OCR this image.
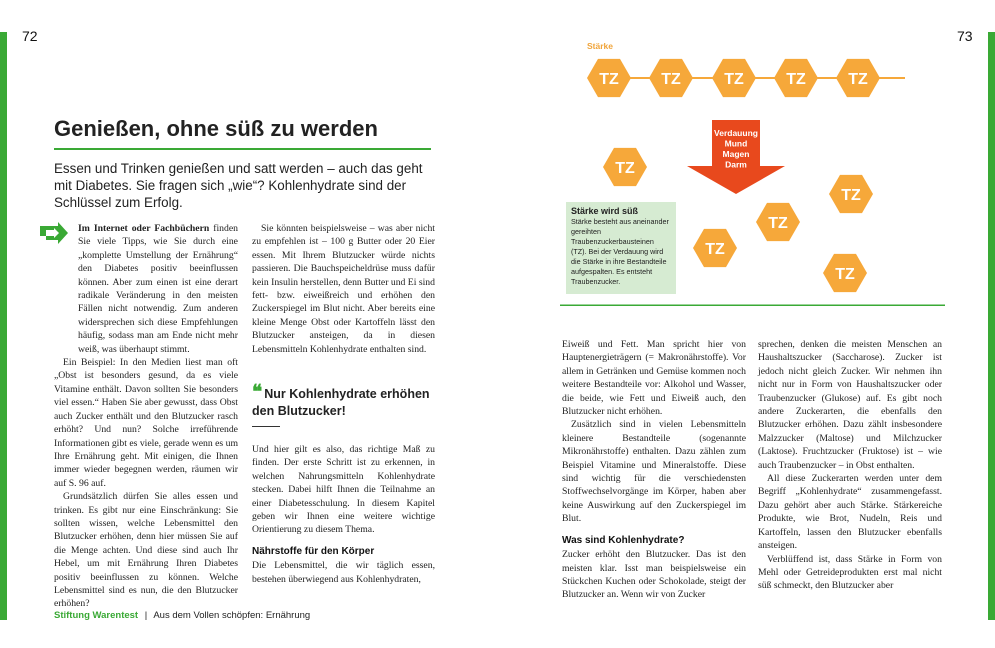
72	73
Genießen, ohne süß zu werden

Essen und Trinken genießen und satt werden – auch das geht mit Diabetes. Sie fragen sich „wie“? Kohlenhydrate sind der Schlüssel zum Erfolg.

Im Internet oder Fachbüchern finden Sie viele Tipps, wie Sie durch eine „komplette Umstellung der Ernährung“ den Diabetes positiv beeinflussen können. Aber zum einen ist eine derart radikale Veränderung in den meisten Fällen nicht notwendig. Zum anderen widersprechen sich diese Empfehlungen häufig, sodass man am Ende nicht mehr weiß, was überhaupt stimmt.

Ein Beispiel: In den Medien liest man oft „Obst ist besonders gesund, da es viele Vitamine enthält. Davon sollten Sie besonders viel essen.“ Haben Sie aber gewusst, dass Obst auch Zucker enthält und den Blutzucker rasch erhöht? Und nun? Solche irreführende Informationen gibt es viele, gerade wenn es um Ihre Ernährung geht. Mit einigen, die Ihnen immer wieder begegnen werden, räumen wir auf S. 96 auf.

Grundsätzlich dürfen Sie alles essen und trinken. Es gibt nur eine Einschränkung: Sie sollten wissen, welche Lebensmittel den Blutzucker erhöhen, denn hier müssen Sie auf die Menge achten. Und diese sind auch Ihr Hebel, um mit Ernährung Ihren Diabetes positiv beeinflussen zu können. Welche Lebensmittel sind es nun, die den Blutzucker erhöhen?

Sie könnten beispielsweise – was aber nicht zu empfehlen ist – 100 g Butter oder 20 Eier essen. Mit Ihrem Blutzucker würde nichts passieren. Die Bauchspeicheldrüse muss dafür kein Insulin herstellen, denn Butter und Ei sind fett- bzw. eiweißreich und erhöhen den Zuckerspiegel im Blut nicht. Aber bereits eine kleine Menge Obst oder Kartoffeln lässt den Blutzucker ansteigen, da in diesen Lebensmitteln Kohlenhydrate enthalten sind.

❛❛ Nur Kohlenhydrate erhöhen den Blutzucker!

Und hier gilt es also, das richtige Maß zu finden. Der erste Schritt ist zu erkennen, in welchen Nahrungsmitteln Kohlenhydrate stecken. Dabei hilft Ihnen die Teilnahme an einer Diabetesschulung. In diesem Kapitel geben wir Ihnen eine weitere wichtige Orientierung zu diesem Thema.

Nährstoffe für den Körper

Die Lebensmittel, die wir täglich essen, bestehen überwiegend aus Kohlenhydraten,

Eiweiß und Fett. Man spricht hier von Hauptenergieträgern (= Makronährstoffe). Vor allem in Getränken und Gemüse kommen noch weitere Bestandteile vor: Alkohol und Wasser, die beide, wie Fett und Eiweiß auch, den Blutzucker nicht erhöhen.

Zusätzlich sind in vielen Lebensmitteln kleinere Bestandteile (sogenannte Mikronährstoffe) enthalten. Dazu zählen zum Beispiel Vitamine und Mineralstoffe. Diese sind wichtig für die verschiedensten Stoffwechselvorgänge im Körper, haben aber keine Auswirkung auf den Zuckerspiegel im Blut.

Was sind Kohlenhydrate?

Zucker erhöht den Blutzucker. Das ist den meisten klar. Isst man beispielsweise ein Stückchen Kuchen oder Schokolade, steigt der Blutzucker an. Wenn wir von Zucker

sprechen, denken die meisten Menschen an Haushaltszucker (Saccharose). Zucker ist jedoch nicht gleich Zucker. Wir nehmen ihn nicht nur in Form von Haushaltszucker oder Traubenzucker (Glukose) auf. Es gibt noch andere Zuckerarten, die ebenfalls den Blutzucker erhöhen. Dazu zählt insbesondere Malzzucker (Maltose) und Milchzucker (Laktose). Fruchtzucker (Fruktose) ist – wie auch Traubenzucker – in Obst enthalten.

All diese Zuckerarten werden unter dem Begriff „Kohlenhydrate“ zusammengefasst. Dazu gehört aber auch Stärke. Stärkereiche Produkte, wie Brot, Nudeln, Reis und Kartoffeln, lassen den Blutzucker ebenfalls ansteigen.

Verblüffend ist, dass Stärke in Form von Mehl oder Getreideprodukten erst mal nicht süß schmeckt, den Blutzucker aber

Stärke
TZ	TZ	TZ	TZ	TZ
TZ
TZ
TZ
TZ
TZ
Verdauung Mund Magen Darm
Stärke wird süß
Stärke besteht aus aneinander gereihten Traubenzuckerbausteinen (TZ). Bei der Verdauung wird die Stärke in ihre Bestandteile aufgespalten. Es entsteht Traubenzucker.
Stiftung Warentest | Aus dem Vollen schöpfen: Ernährung
